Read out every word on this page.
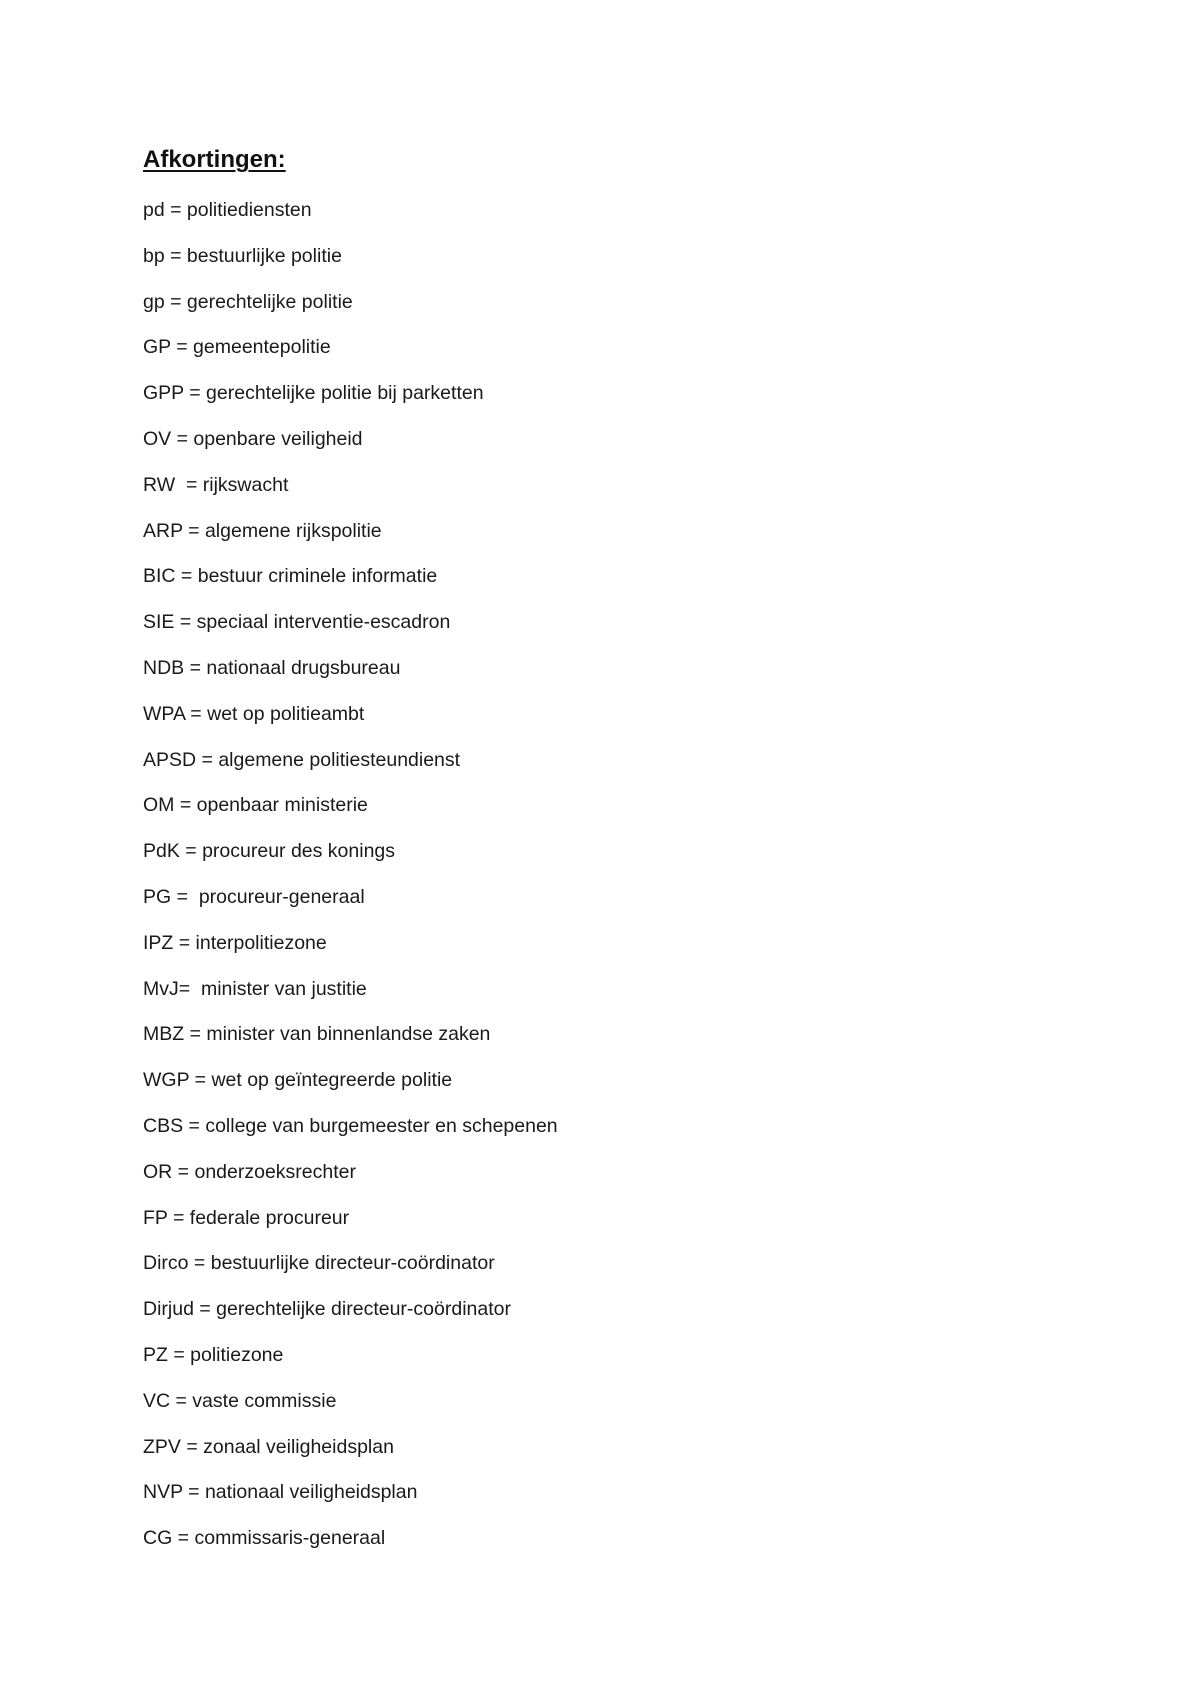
Afkortingen:
pd = politiediensten
bp = bestuurlijke politie
gp = gerechtelijke politie
GP = gemeentepolitie
GPP = gerechtelijke politie bij parketten
OV = openbare veiligheid
RW  = rijkswacht
ARP = algemene rijkspolitie
BIC = bestuur criminele informatie
SIE = speciaal interventie-escadron
NDB = nationaal drugsbureau
WPA = wet op politieambt
APSD = algemene politiesteundienst
OM = openbaar ministerie
PdK = procureur des konings
PG =  procureur-generaal
IPZ = interpolitiezone
MvJ=  minister van justitie
MBZ = minister van binnenlandse zaken
WGP = wet op geïntegreerde politie
CBS = college van burgemeester en schepenen
OR = onderzoeksrechter
FP = federale procureur
Dirco = bestuurlijke directeur-coördinator
Dirjud = gerechtelijke directeur-coördinator
PZ = politiezone
VC = vaste commissie
ZPV = zonaal veiligheidsplan
NVP = nationaal veiligheidsplan
CG = commissaris-generaal
